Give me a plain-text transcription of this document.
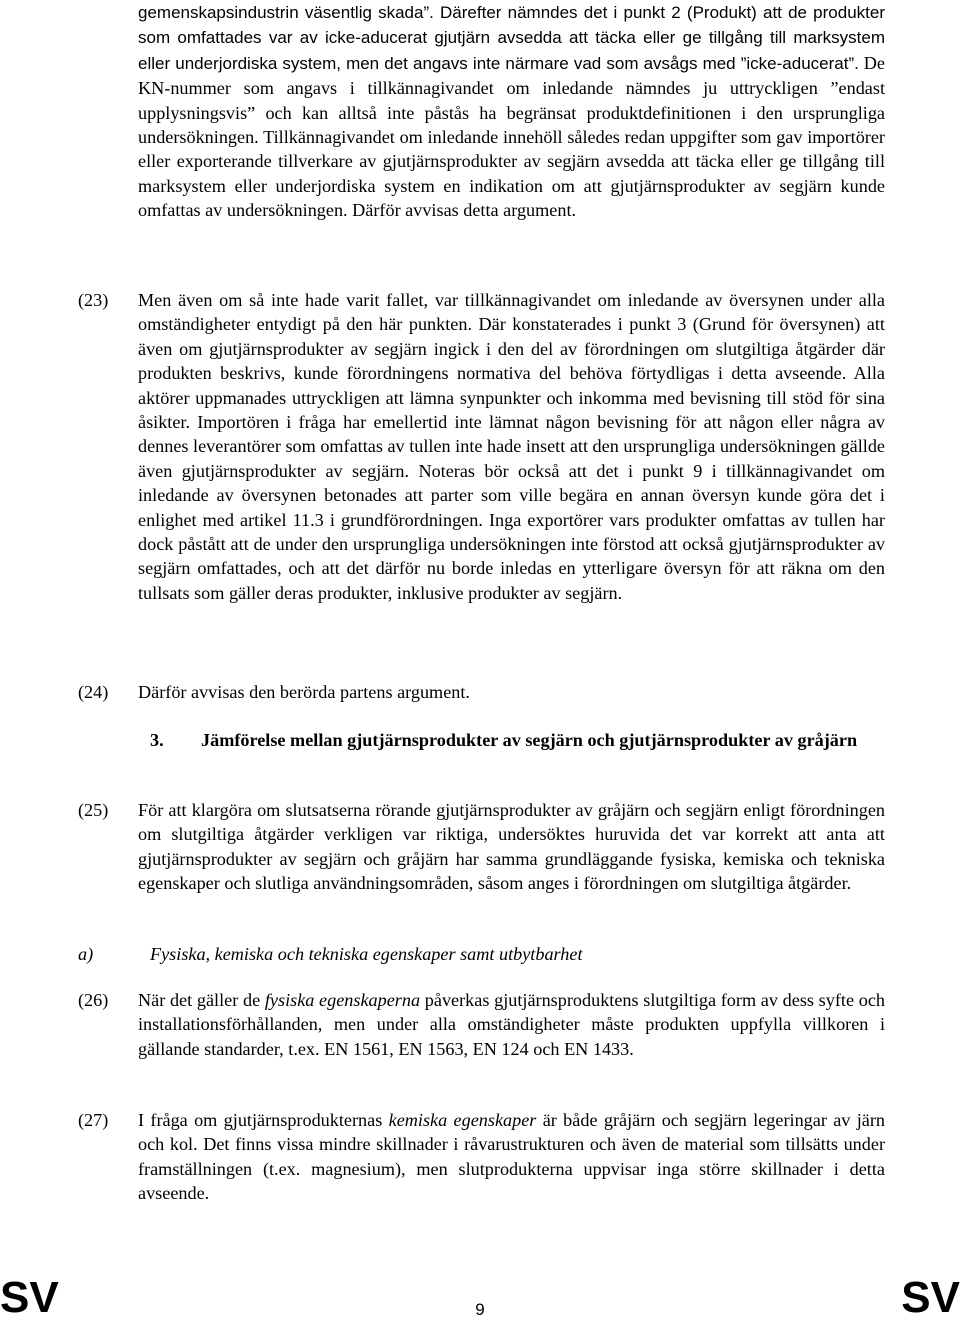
gemenskapsindustrin väsentlig skada”. Därefter nämndes det i punkt 2 (Produkt) att de produkter som omfattades var av icke-aducerat gjutjärn avsedda att täcka eller ge tillgång till marksystem eller underjordiska system, men det angavs inte närmare vad som avsågs med ”icke-aducerat”. De KN-nummer som angavs i tillkännagivandet om inledande nämndes ju uttryckligen ”endast upplysningsvis” och kan alltså inte påstås ha begränsat produktdefinitionen i den ursprungliga undersökningen. Tillkännagivandet om inledande innehöll således redan uppgifter som gav importörer eller exporterande tillverkare av gjutjärnsprodukter av segjärn avsedda att täcka eller ge tillgång till marksystem eller underjordiska system en indikation om att gjutjärnsprodukter av segjärn kunde omfattas av undersökningen. Därför avvisas detta argument.
(23) Men även om så inte hade varit fallet, var tillkännagivandet om inledande av översynen under alla omständigheter entydigt på den här punkten. Där konstaterades i punkt 3 (Grund för översynen) att även om gjutjärnsprodukter av segjärn ingick i den del av förordningen om slutgiltiga åtgärder där produkten beskrivs, kunde förordningens normativa del behöva förtydligas i detta avseende. Alla aktörer uppmanades uttryckligen att lämna synpunkter och inkomma med bevisning till stöd för sina åsikter. Importören i fråga har emellertid inte lämnat någon bevisning för att någon eller några av dennes leverantörer som omfattas av tullen inte hade insett att den ursprungliga undersökningen gällde även gjutjärnsprodukter av segjärn. Noteras bör också att det i punkt 9 i tillkännagivandet om inledande av översynen betonades att parter som ville begära en annan översyn kunde göra det i enlighet med artikel 11.3 i grundförordningen. Inga exportörer vars produkter omfattas av tullen har dock påstått att de under den ursprungliga undersökningen inte förstod att också gjutjärnsprodukter av segjärn omfattades, och att det därför nu borde inledas en ytterligare översyn för att räkna om den tullsats som gäller deras produkter, inklusive produkter av segjärn.
(24) Därför avvisas den berörda partens argument.
3. Jämförelse mellan gjutjärnsprodukter av segjärn och gjutjärnsprodukter av gråjärn
(25) För att klargöra om slutsatserna rörande gjutjärnsprodukter av gråjärn och segjärn enligt förordningen om slutgiltiga åtgärder verkligen var riktiga, undersöktes huruvida det var korrekt att anta att gjutjärnsprodukter av segjärn och gråjärn har samma grundläggande fysiska, kemiska och tekniska egenskaper och slutliga användningsområden, såsom anges i förordningen om slutgiltiga åtgärder.
a)	Fysiska, kemiska och tekniska egenskaper samt utbytbarhet
(26) När det gäller de fysiska egenskaperna påverkas gjutjärnsproduktens slutgiltiga form av dess syfte och installationsförhållanden, men under alla omständigheter måste produkten uppfylla villkoren i gällande standarder, t.ex. EN 1561, EN 1563, EN 124 och EN 1433.
(27) I fråga om gjutjärnsprodukternas kemiska egenskaper är både gråjärn och segjärn legeringar av järn och kol. Det finns vissa mindre skillnader i råvarustrukturen och även de material som tillsätts under framställningen (t.ex. magnesium), men slutprodukterna uppvisar inga större skillnader i detta avseende.
SV	9	SV
